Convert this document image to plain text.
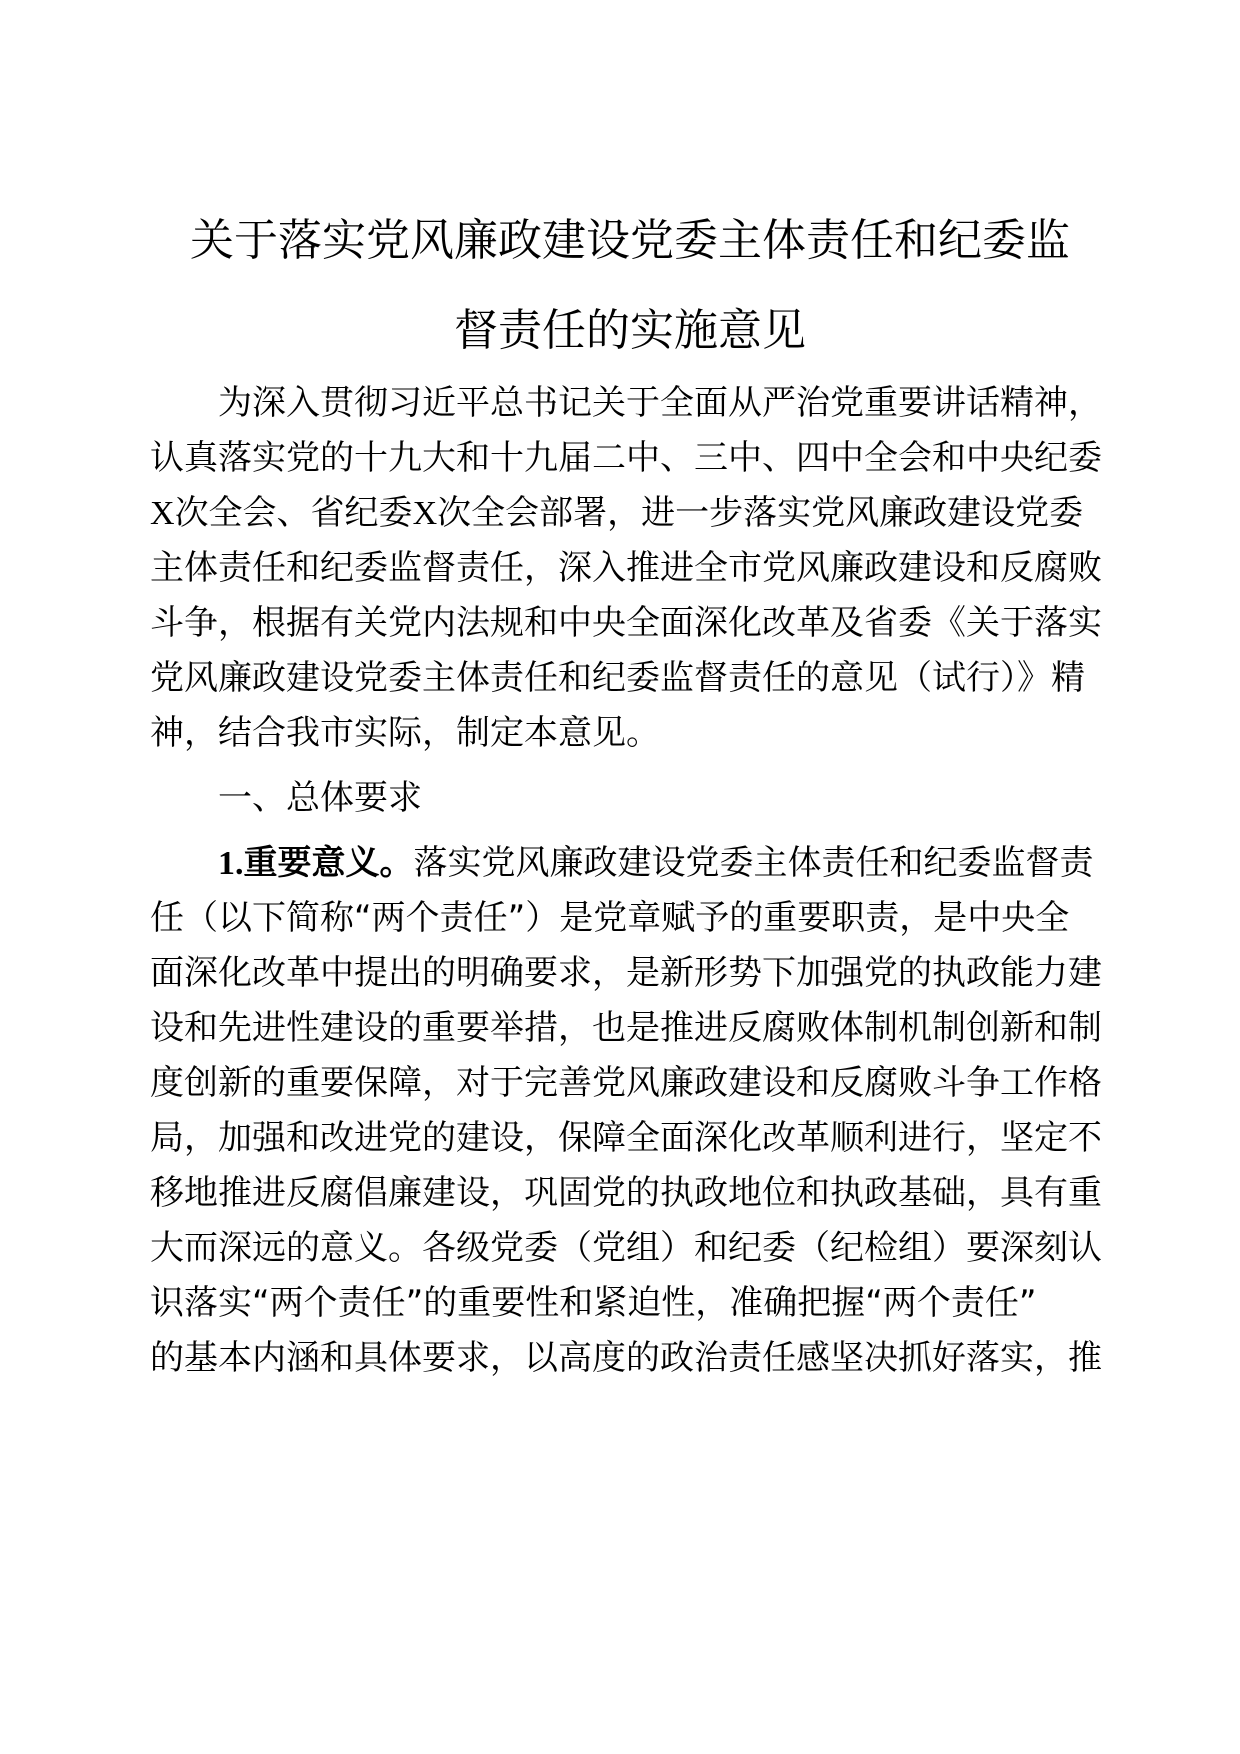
关于落实党风廉政建设党委主体责任和纪委监
督责任的实施意见

为深入贯彻习近平总书记关于全面从严治党重要讲话精神，

认真落实党的十九大和十九届二中、三中、四中全会和中央纪委

X次全会、省纪委X次全会部署，进一步落实党风廉政建设党委

主体责任和纪委监督责任，深入推进全市党风廉政建设和反腐败

斗争，根据有关党内法规和中央全面深化改革及省委《关于落实

党风廉政建设党委主体责任和纪委监督责任的意见（试行）》精

神，结合我市实际，制定本意见。

一、总体要求

1.重要意义。落实党风廉政建设党委主体责任和纪委监督责

任（以下简称“两个责任”）是党章赋予的重要职责，是中央全

面深化改革中提出的明确要求，是新形势下加强党的执政能力建

设和先进性建设的重要举措，也是推进反腐败体制机制创新和制

度创新的重要保障，对于完善党风廉政建设和反腐败斗争工作格

局，加强和改进党的建设，保障全面深化改革顺利进行，坚定不

移地推进反腐倡廉建设，巩固党的执政地位和执政基础，具有重

大而深远的意义。各级党委（党组）和纪委（纪检组）要深刻认

识落实“两个责任”的重要性和紧迫性，准确把握“两个责任”

的基本内涵和具体要求，以高度的政治责任感坚决抓好落实，推
